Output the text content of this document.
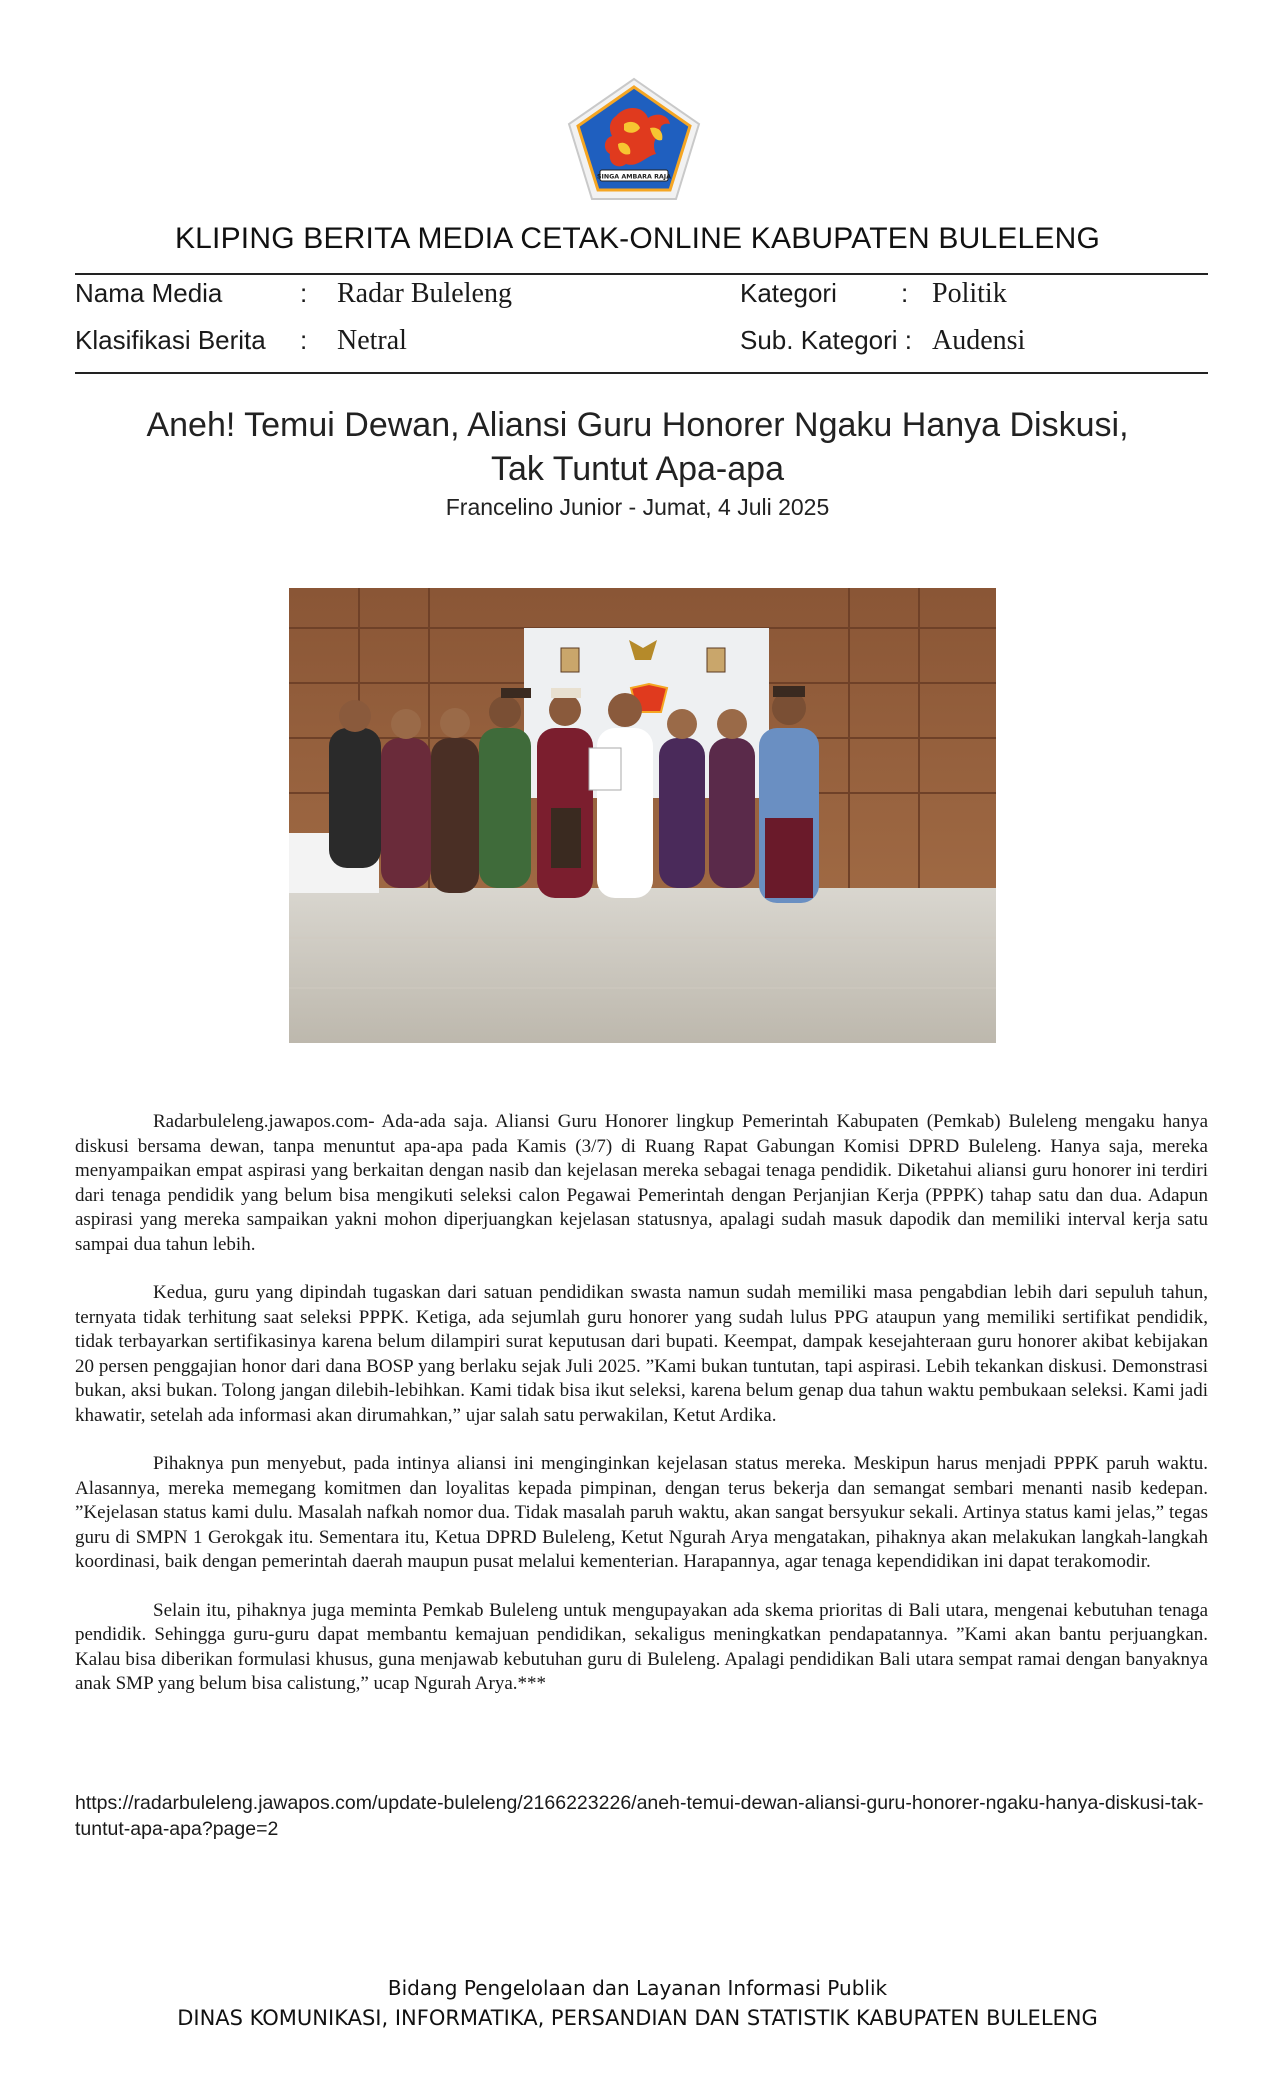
SINGA AMBARA RAJA
KLIPING BERITA MEDIA CETAK-ONLINE KABUPATEN BULELENG
Nama Media	: Radar Buleleng	Kategori : Politik
Klasifikasi Berita : Netral	Sub. Kategori : Audensi
Aneh! Temui Dewan, Aliansi Guru Honorer Ngaku Hanya Diskusi,
Tak Tuntut Apa-apa
Francelino Junior - Jumat, 4 Juli 2025

Radarbuleleng.jawapos.com- Ada-ada saja. Aliansi Guru Honorer lingkup Pemerintah Kabupaten (Pemkab) Buleleng mengaku hanya diskusi bersama dewan, tanpa menuntut apa-apa pada Kamis (3/7) di Ruang Rapat Gabungan Komisi DPRD Buleleng. Hanya saja, mereka menyampaikan empat aspirasi yang berkaitan dengan nasib dan kejelasan mereka sebagai tenaga pendidik. Diketahui aliansi guru honorer ini terdiri dari tenaga pendidik yang belum bisa mengikuti seleksi calon Pegawai Pemerintah dengan Perjanjian Kerja (PPPK) tahap satu dan dua. Adapun aspirasi yang mereka sampaikan yakni mohon diperjuangkan kejelasan statusnya, apalagi sudah masuk dapodik dan memiliki interval kerja satu sampai dua tahun lebih.

Kedua, guru yang dipindah tugaskan dari satuan pendidikan swasta namun sudah memiliki masa pengabdian lebih dari sepuluh tahun, ternyata tidak terhitung saat seleksi PPPK. Ketiga, ada sejumlah guru honorer yang sudah lulus PPG ataupun yang memiliki sertifikat pendidik, tidak terbayarkan sertifikasinya karena belum dilampiri surat keputusan dari bupati. Keempat, dampak kesejahteraan guru honorer akibat kebijakan 20 persen penggajian honor dari dana BOSP yang berlaku sejak Juli 2025. ”Kami bukan tuntutan, tapi aspirasi. Lebih tekankan diskusi. Demonstrasi bukan, aksi bukan. Tolong jangan dilebih-lebihkan. Kami tidak bisa ikut seleksi, karena belum genap dua tahun waktu pembukaan seleksi. Kami jadi khawatir, setelah ada informasi akan dirumahkan,” ujar salah satu perwakilan, Ketut Ardika.

Pihaknya pun menyebut, pada intinya aliansi ini menginginkan kejelasan status mereka. Meskipun harus menjadi PPPK paruh waktu. Alasannya, mereka memegang komitmen dan loyalitas kepada pimpinan, dengan terus bekerja dan semangat sembari menanti nasib kedepan. ”Kejelasan status kami dulu. Masalah nafkah nomor dua. Tidak masalah paruh waktu, akan sangat bersyukur sekali. Artinya status kami jelas,” tegas guru di SMPN 1 Gerokgak itu. Sementara itu, Ketua DPRD Buleleng, Ketut Ngurah Arya mengatakan, pihaknya akan melakukan langkah-langkah koordinasi, baik dengan pemerintah daerah maupun pusat melalui kementerian. Harapannya, agar tenaga kependidikan ini dapat terakomodir.

Selain itu, pihaknya juga meminta Pemkab Buleleng untuk mengupayakan ada skema prioritas di Bali utara, mengenai kebutuhan tenaga pendidik. Sehingga guru-guru dapat membantu kemajuan pendidikan, sekaligus meningkatkan pendapatannya. ”Kami akan bantu perjuangkan. Kalau bisa diberikan formulasi khusus, guna menjawab kebutuhan guru di Buleleng. Apalagi pendidikan Bali utara sempat ramai dengan banyaknya anak SMP yang belum bisa calistung,” ucap Ngurah Arya.***

https://radarbuleleng.jawapos.com/update-buleleng/2166223226/aneh-temui-dewan-aliansi-guru-honorer-ngaku-hanya-diskusi-tak-tuntut-apa-apa?page=2
Bidang Pengelolaan dan Layanan Informasi Publik
DINAS KOMUNIKASI, INFORMATIKA, PERSANDIAN DAN STATISTIK KABUPATEN BULELENG
